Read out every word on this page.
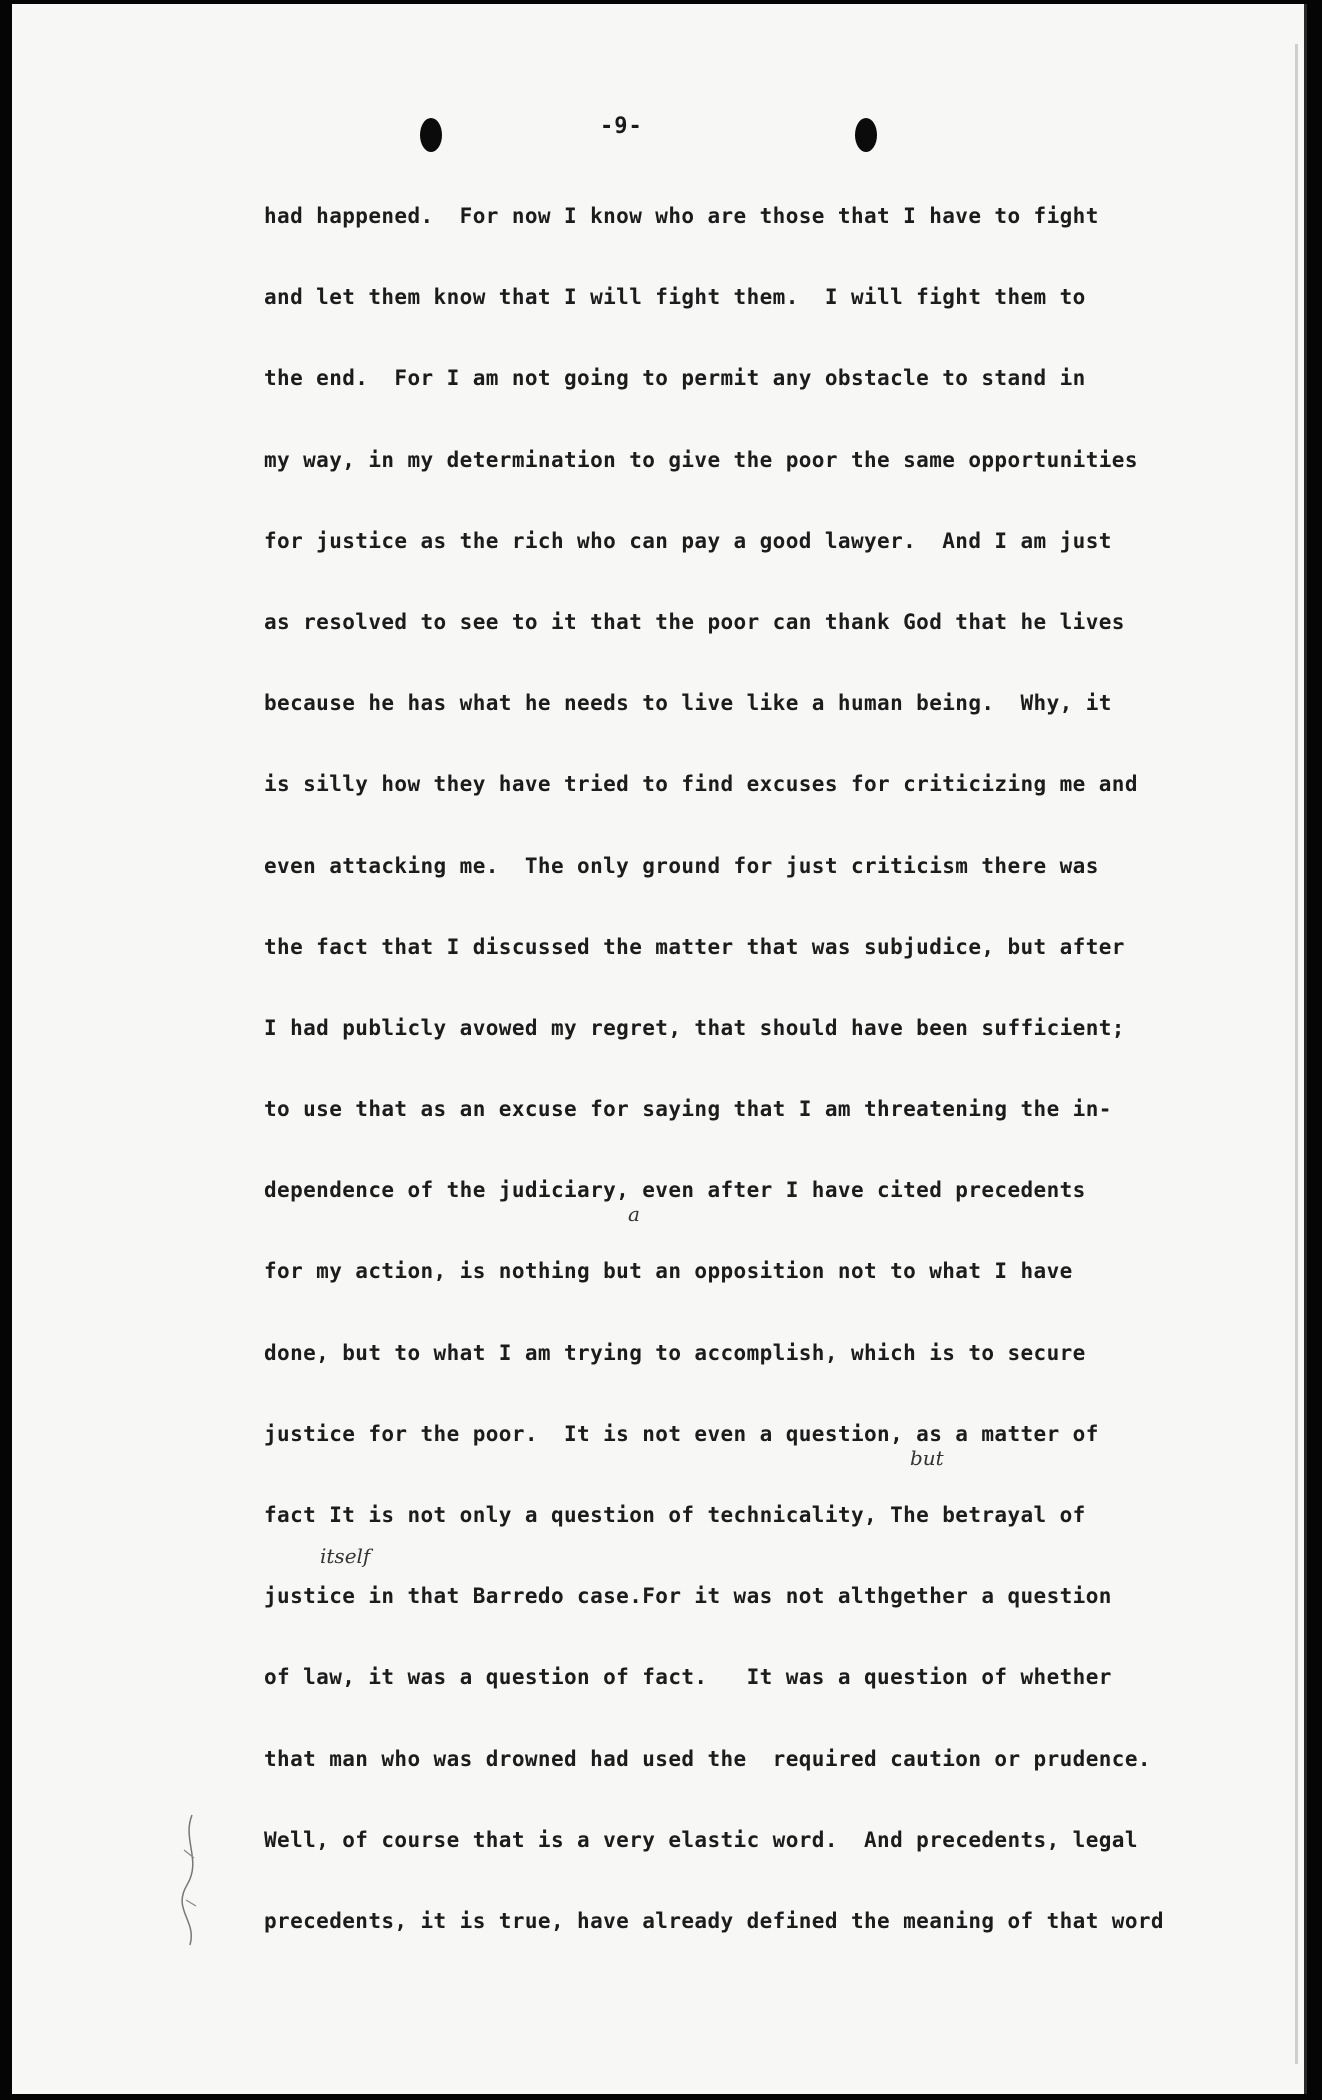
-9-
had happened.  For now I know who are those that I have to fight
and let them know that I will fight them.  I will fight them to
the end.  For I am not going to permit any obstacle to stand in
my way, in my determination to give the poor the same opportunities
for justice as the rich who can pay a good lawyer.  And I am just
as resolved to see to it that the poor can thank God that he lives
because he has what he needs to live like a human being.  Why, it
is silly how they have tried to find excuses for criticizing me and
even attacking me.  The only ground for just criticism there was
the fact that I discussed the matter that was subjudice, but after
I had publicly avowed my regret, that should have been sufficient;
to use that as an excuse for saying that I am threatening the in-
dependence of the judiciary, even after I have cited precedents
for my action, is nothing but an opposition not to what I have
done, but to what I am trying to accomplish, which is to secure
justice for the poor.  It is not even a question, as a matter of
fact It is not only a question of technicality, The betrayal of
justice in that Barredo case.For it was not althgether a question
of law, it was a question of fact.   It was a question of whether
that man who was drowned had used the  required caution or prudence.
Well, of course that is a very elastic word.  And precedents, legal
precedents, it is true, have already defined the meaning of that word
a
but
itself
